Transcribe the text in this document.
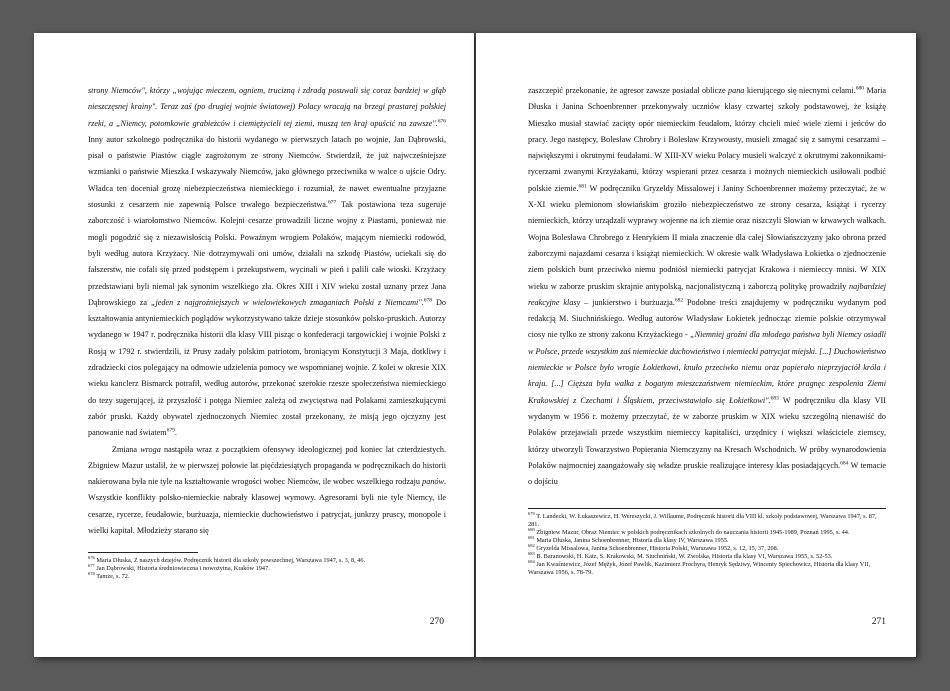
strony Niemców", którzy „wojując mieczem, ogniem, trucizną i zdradą posuwali się coraz bardziej w głąb nieszczęsnej krainy". Teraz zaś (po drugiej wojnie światowej) Polacy wracają na brzegi prastarej polskiej rzeki, a „Niemcy, potomkowie grabieżców i ciemiężycieli tej ziemi, muszą ten kraj opuścić na zawsze".$^{676}$ Inny autor szkolnego podręcznika do historii wydanego w pierwszych latach po wojnie, Jan Dąbrowski, pisał o państwie Piastów ciągle zagrożonym ze strony Niemców. Stwierdził, że już najwcześniejsze wzmianki o państwie Mieszka I wskazywały Niemców, jako głównego przeciwnika w walce o ujście Odry. Władca ten doceniał grozę niebezpieczeństwa niemieckiego i rozumiał, że nawet ewentualne przyjazne stosunki z cesarzem nie zapewnią Polsce trwałego bezpieczeństwa.$^{677}$ Tak postawiona teza sugeruje zaborczość i wiarołomstwo Niemców. Kolejni cesarze prowadzili liczne wojny z Piastami, ponieważ nie mogli pogodzić się z niezawisłością Polski. Poważnym wrogiem Polaków, mającym niemiecki rodowód, byli według autora Krzyżacy. Nie dotrzymywali oni umów, działali na szkodę Piastów, uciekali się do fałszerstw, nie cofali się przed podstępem i przekupstwem, wycinali w pień i palili całe wioski. Krzyżacy przedstawiani byli niemal jak synonim wszelkiego zła. Okres XIII i XIV wieku został uznany przez Jana Dąbrowskiego za „jeden z najgroźniejszych w wielowiekowych zmaganiach Polski z Niemcami".$^{678}$ Do kształtowania antyniemieckich poglądów wykorzystywano także dzieje stosunków polsko-pruskich. Autorzy wydanego w 1947 r. podręcznika historii dla klasy VIII pisząc o konfederacji targowickiej i wojnie Polski z Rosją w 1792 r. stwierdzili, iż Prusy zadały polskim patriotom, broniącym Konstytucji 3 Maja, dotkliwy i zdradziecki cios polegający na odmowie udzielenia pomocy we wspomnianej wojnie. Z kolei w okresie XIX wieku kanclerz Bismarck potrafił, według autorów, przekonać szerokie rzesze społeczeństwa niemieckiego do tezy sugerującej, iż przyszłość i potęga Niemiec zależą od zwycięstwa nad Polakami zamieszkującymi zabór pruski. Każdy obywatel zjednoczonych Niemiec został przekonany, że misją jego ojczyzny jest panowanie nad światem$^{679}$.

Zmiana wroga nastąpiła wraz z początkiem ofensywy ideologicznej pod koniec lat czterdziestych. Zbigniew Mazur ustalił, że w pierwszej połowie lat pięćdziesiątych propaganda w podręcznikach do historii nakierowana była nie tyle na kształtowanie wrogości wobec Niemców, ile wobec wszelkiego rodzaju panów. Wszystkie konflikty polsko-niemieckie nabrały klasowej wymowy. Agresorami byli nie tyle Niemcy, ile cesarze, rycerze, feudałowie, burżuazja, niemieckie duchowieństwo i patrycjat, junkrzy pruscy, monopole i wielki kapitał. Młodzieży starano się

$^{676}$ Maria Dłuska, Z naszych dziejów. Podręcznik historii dla szkoły powszechnej, Warszawa 1947, s. 3, 8, 46.

$^{677}$ Jan Dąbrowski, Historia średniowieczna i nowożytna, Kraków 1947.

$^{678}$ Tamże, s. 72.

270

zaszczepić przekonanie, że agresor zawsze posiadał oblicze pana kierującego się niecnymi celami.$^{680}$ Maria Dłuska i Janina Schoenbrenner przekonywały uczniów klasy czwartej szkoły podstawowej, że książę Mieszko musiał stawiać zacięty opór niemieckim feudałom, którzy chcieli mieć wiele ziemi i jeńców do pracy. Jego następcy, Bolesław Chrobry i Bolesław Krzywousty, musieli zmagać się z samymi cesarzami – największymi i okrutnymi feudałami. W XIII-XV wieku Polacy musieli walczyć z okrutnymi zakonnikami-rycerzami zwanymi Krzyżakami, którzy wspierani przez cesarza i możnych niemieckich usiłowali podbić polskie ziemie.$^{681}$ W podręczniku Gryzeldy Missalowej i Janiny Schoenbrenner możemy przeczytać, że w X-XI wieku plemionom słowiańskim groziło niebezpieczeństwo ze strony cesarza, książąt i rycerzy niemieckich, którzy urządzali wyprawy wojenne na ich ziemie oraz niszczyli Słowian w krwawych walkach. Wojna Bolesława Chrobrego z Henrykiem II miała znaczenie dla całej Słowiańszczyzny jako obrona przed zaborczymi najazdami cesarza i książąt niemieckich. W okresie walk Władysława Łokietka o zjednoczenie ziem polskich bunt przeciwko niemu podniósł niemiecki patrycjat Krakowa i niemieccy mnisi. W XIX wieku w zaborze pruskim skrajnie antypolską, nacjonalistyczną i zaborczą politykę prowadziły najbardziej reakcyjne klasy – junkierstwo i burżuazja.$^{682}$ Podobne treści znajdujemy w podręczniku wydanym pod redakcją M. Siuchnińskiego. Według autorów Władysław Łokietek jednocząc ziemie polskie otrzymywał ciosy nie tylko ze strony zakonu Krzyżackiego - „Niemniej groźni dla młodego państwa byli Niemcy osiadli w Polsce, przede wszystkim zaś niemieckie duchowieństwo i niemiecki patrycjat miejski. [...] Duchowieństwo niemieckie w Polsce było wrogie Łokietkowi, knuło przeciwko niemu oraz popierało nieprzyjaciół króla i kraju. [...] Cięższa była walka z bogatym mieszczaństwem niemieckim, które pragnęc zespolenia Ziemi Krakowskiej z Czechami i Śląskiem, przeciwstawiało się Łokietkowi".$^{683}$ W podręczniku dla klasy VII wydanym w 1956 r. możemy przeczytać, że w zaborze pruskim w XIX wieku szczególną nienawiść do Polaków przejawiali przede wszystkim niemieccy kapitaliści, urzędnicy i większi właściciele ziemscy, którzy utworzyli Towarzystwo Popierania Niemczyzny na Kresach Wschodnich. W próby wynarodowienia Polaków najmocniej zaangażowały się władze pruskie realizujące interesy klas posiadających.$^{684}$ W temacie o dojściu

$^{679}$ T. Landecki, W. Łukaszewicz, H. Wereszycki, J. Willaume, Podręcznik historii dla VIII kl. szkoły podstawowej, Warszawa 1947, s. 87, 281.

$^{680}$ Zbigniew Mazur, Obraz Niemiec w polskich podręcznikach szkolnych do nauczania historii 1945-1989, Poznań 1995, s. 44.

$^{681}$ Maria Dłuska, Janina Schoenbrenner, Historia dla klasy IV, Warszawa 1955.

$^{682}$ Gryzelda Missalowa, Janina Schoenbrenner, Historia Polski, Warszawa 1952, s. 12, 15, 37, 208.

$^{683}$ B. Baranowski, H. Katz, S. Krakowski, M. Siuchniński, W. Zwolska, Historia dla klasy VI, Warszawa 1955, s. 52-53.

$^{684}$ Jan Kwaśniewicz, Józef Męžyk, Józef Pawlik, Kazimierz Prochyra, Henryk Sędziwy, Wincenty Spiechowicz, Historia dla klasy VII, Warszawa 1956, s. 78-79.

271
